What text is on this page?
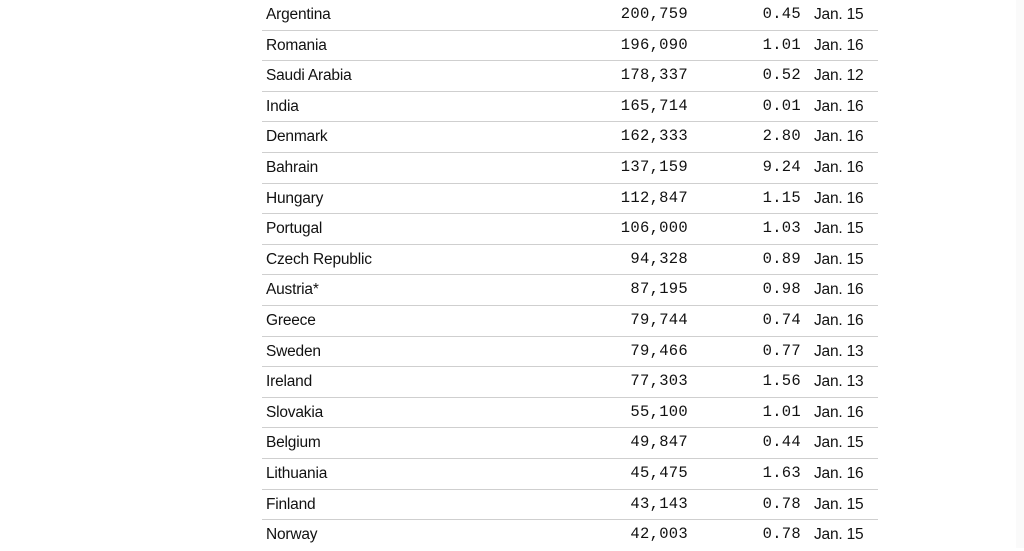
Argentina	200,759	0.45 Jan. 15
Romania	196,090	1.01 Jan. 16
Saudi Arabia	178,337	0.52 Jan. 12
India	165,714	0.01 Jan. 16
Denmark	162,333	2.80 Jan. 16
Bahrain	137,159	9.24 Jan. 16
Hungary	112,847	1.15 Jan. 16
Portugal	106,000	1.03 Jan. 15
Czech Republic	94,328	0.89 Jan. 15
Austria*	87,195	0.98 Jan. 16
Greece	79,744	0.74 Jan. 16
Sweden	79,466	0.77 Jan. 13
Ireland	77,303	1.56 Jan. 13
Slovakia	55,100	1.01 Jan. 16
Belgium	49,847	0.44 Jan. 15
Lithuania	45,475	1.63 Jan. 16
Finland	43,143	0.78 Jan. 15
Norway	42,003	0.78 Jan. 15
